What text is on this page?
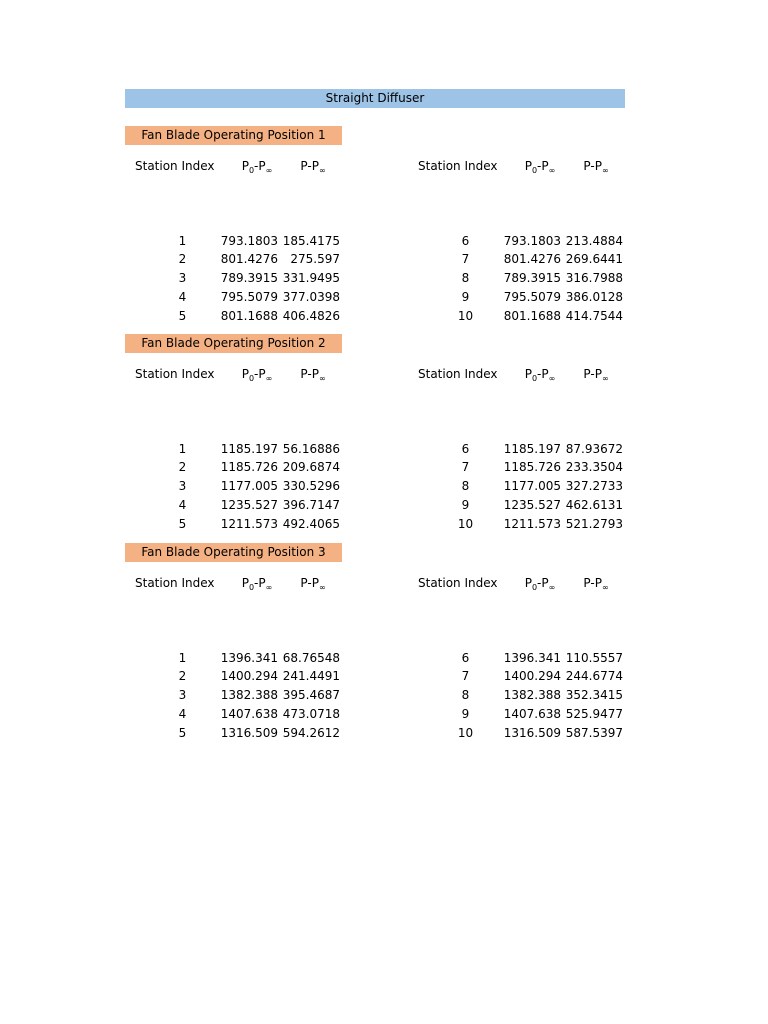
Straight Diffuser
Fan Blade Operating Position 1
Station Index	$P_0-P_\infty$	$P-P_\infty$
1	793.1803 185.4175
2	801.4276	275.597
3	789.3915 331.9495
4	795.5079 377.0398
5	801.1688 406.4826
Station Index	$P_0-P_\infty$	$P-P_\infty$
6	793.1803 213.4884
7	801.4276 269.6441
8	789.3915 316.7988
9	795.5079 386.0128
10	801.1688 414.7544
Fan Blade Operating Position 2
Station Index	$P_0-P_\infty$	$P-P_\infty$
1	1185.197 56.16886
2	1185.726 209.6874
3	1177.005 330.5296
4	1235.527 396.7147
5	1211.573 492.4065
Station Index	$P_0-P_\infty$	$P-P_\infty$
6	1185.197 87.93672
7	1185.726 233.3504
8	1177.005 327.2733
9	1235.527 462.6131
10	1211.573 521.2793
Fan Blade Operating Position 3
Station Index	$P_0-P_\infty$	$P-P_\infty$
1	1396.341 68.76548
2	1400.294 241.4491
3	1382.388 395.4687
4	1407.638 473.0718
5	1316.509 594.2612
Station Index	$P_0-P_\infty$	$P-P_\infty$
6	1396.341 110.5557
7	1400.294 244.6774
8	1382.388 352.3415
9	1407.638 525.9477
10	1316.509 587.5397
